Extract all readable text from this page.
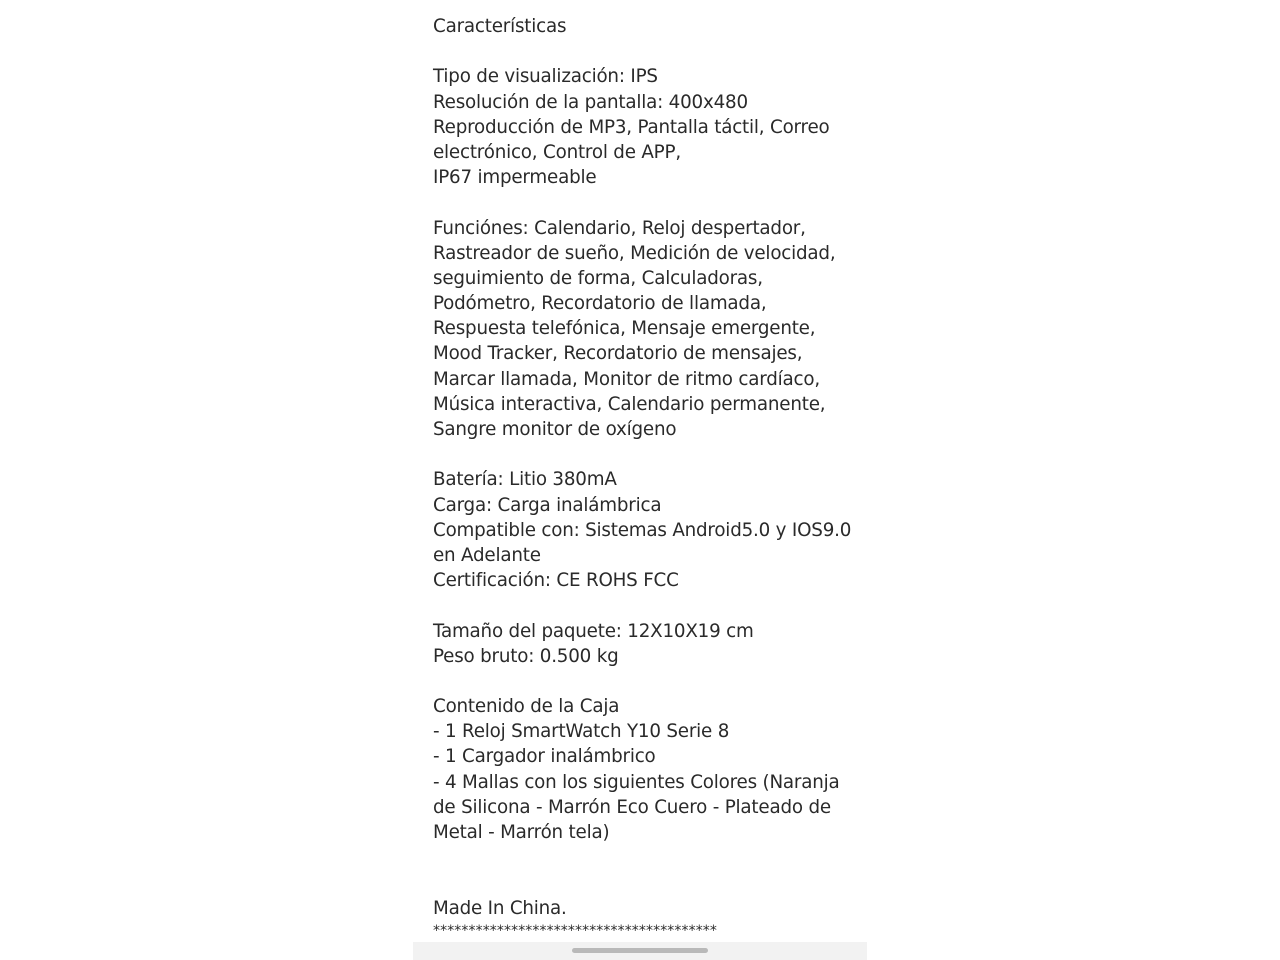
Características
Tipo de visualización: IPS
Resolución de la pantalla: 400x480
Reproducción de MP3, Pantalla táctil, Correo
electrónico, Control de APP,
IP67 impermeable
Funciónes: Calendario, Reloj despertador,
Rastreador de sueño, Medición de velocidad,
seguimiento de forma, Calculadoras,
Podómetro, Recordatorio de llamada,
Respuesta telefónica, Mensaje emergente,
Mood Tracker, Recordatorio de mensajes,
Marcar llamada, Monitor de ritmo cardíaco,
Música interactiva, Calendario permanente,
Sangre monitor de oxígeno
Batería: Litio 380mA
Carga: Carga inalámbrica
Compatible con: Sistemas Android5.0 y IOS9.0
en Adelante
Certificación: CE ROHS FCC
Tamaño del paquete: 12X10X19 cm
Peso bruto: 0.500 kg
Contenido de la Caja
- 1 Reloj SmartWatch Y10 Serie 8
- 1 Cargador inalámbrico
- 4 Mallas con los siguientes Colores (Naranja
de Silicona - Marrón Eco Cuero - Plateado de
Metal - Marrón tela)
Made In China.
****************************************
